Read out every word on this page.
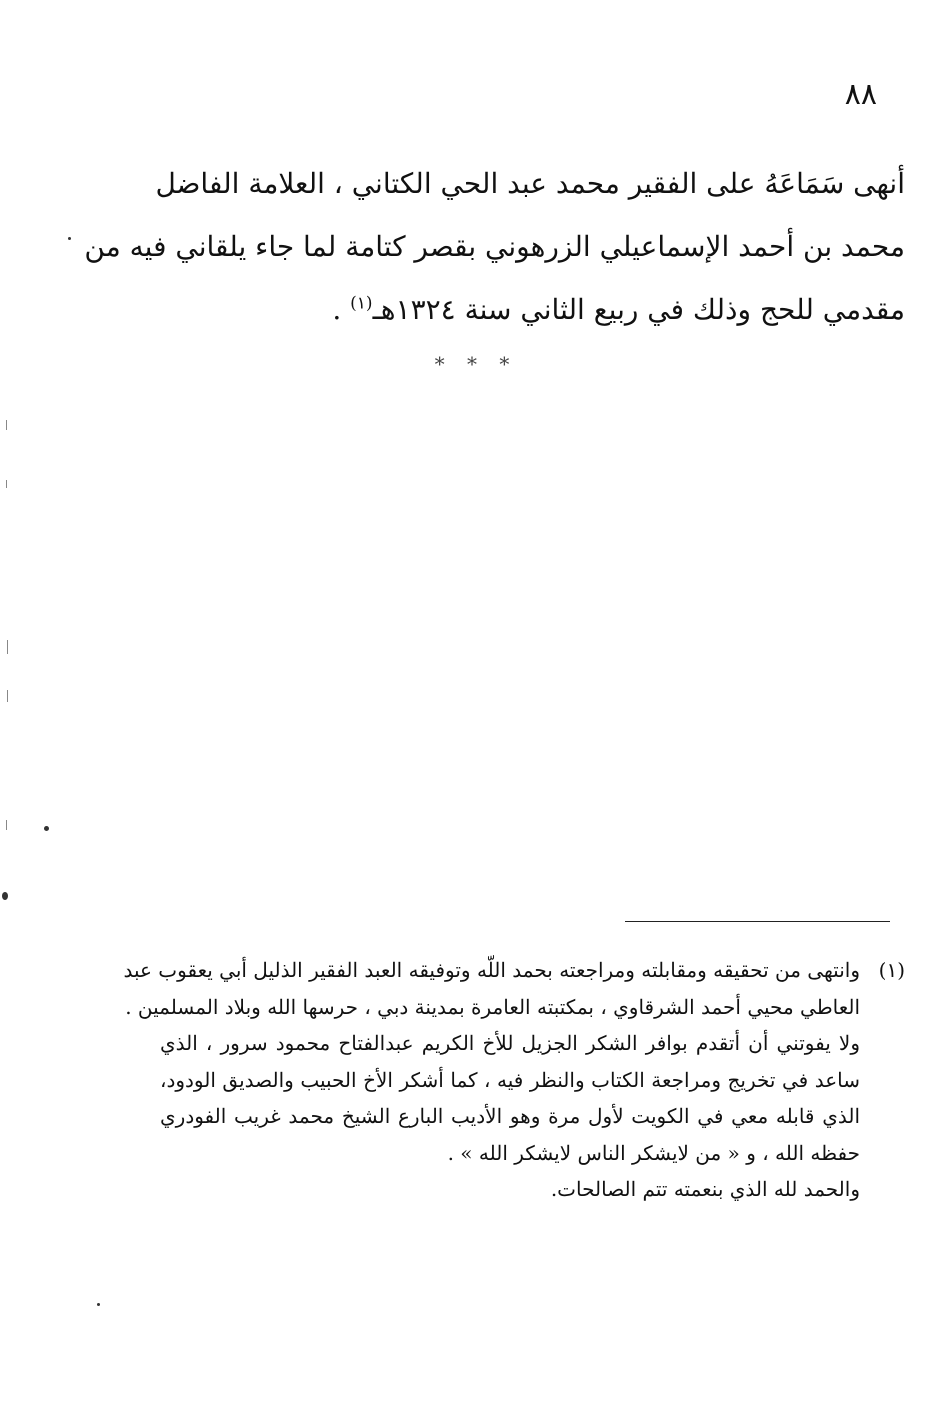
٨٨
أنهى سَمَاعَهُ على الفقير محمد عبد الحي الكتاني ، العلامة الفاضل
محمد بن أحمد الإسماعيلي الزرهوني بقصر كتامة لما جاء يلقاني فيه من
مقدمي للحج وذلك في ربيع الثاني سنة ١٣٢٤هـ$^{(١)}$ .
* * *
(١)
وانتهى من تحقيقه ومقابلته ومراجعته بحمد اللّه وتوفيقه العبد الفقير الذليل أبي يعقوب عبد
العاطي محيي أحمد الشرقاوي ، بمكتبته العامرة بمدينة دبي ، حرسها الله وبلاد المسلمين .
ولا يفوتني أن أتقدم بوافر الشكر الجزيل للأخ الكريم عبدالفتاح محمود سرور ، الذي
ساعد في تخريج ومراجعة الكتاب والنظر فيه ، كما أشكر الأخ الحبيب والصديق الودود،
الذي قابله معي في الكويت لأول مرة وهو الأديب البارع الشيخ محمد غريب الفودري
حفظه الله ، و « من لايشكر الناس لايشكر الله » .
والحمد لله الذي بنعمته تتم الصالحات.
